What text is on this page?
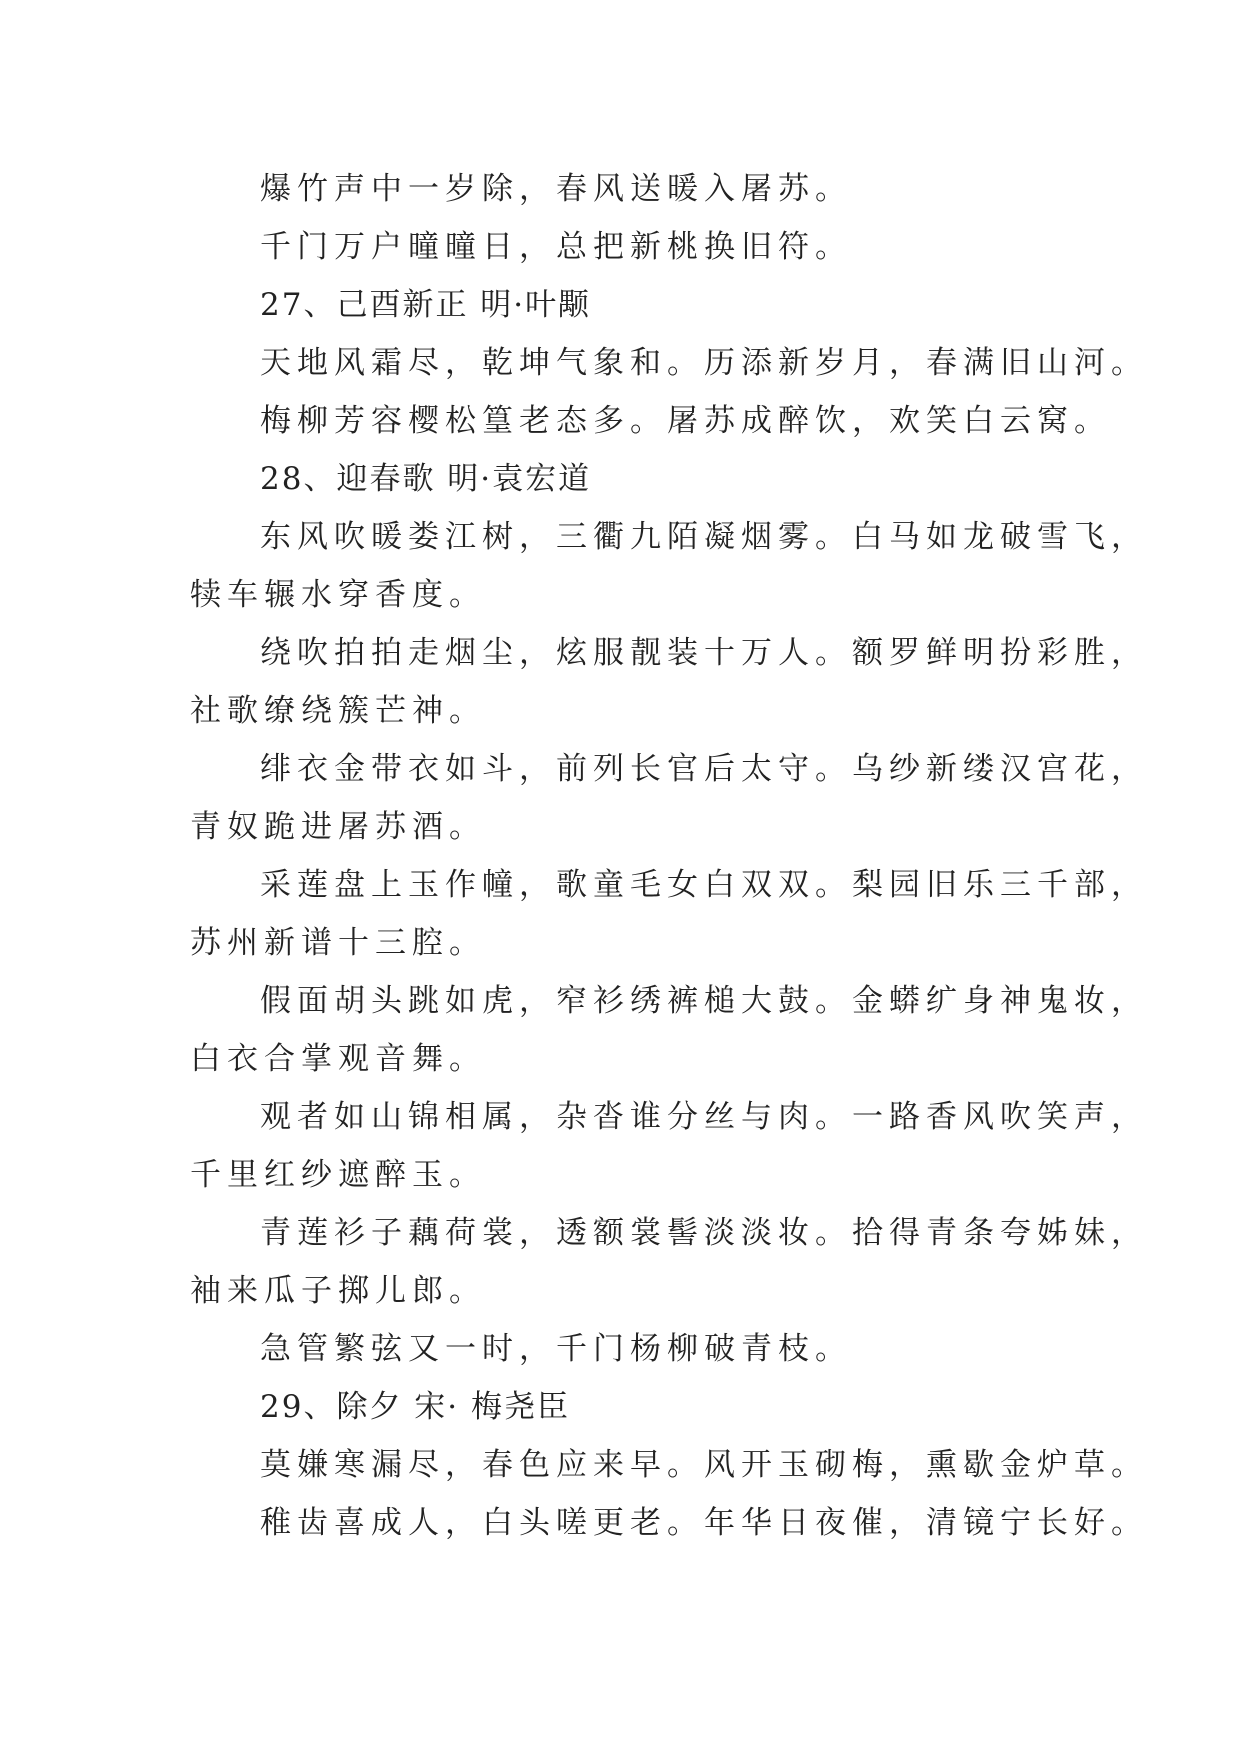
爆竹声中一岁除，春风送暖入屠苏。

千门万户曈曈日，总把新桃换旧符。

27、己酉新正 明·叶颙

天地风霜尽，乾坤气象和。历添新岁月，春满旧山河。

梅柳芳容樱松篁老态多。屠苏成醉饮，欢笑白云窝。

28、迎春歌 明·袁宏道

东风吹暖娄江树，三衢九陌凝烟雾。白马如龙破雪飞，

犊车辗水穿香度。

绕吹拍拍走烟尘，炫服靓装十万人。额罗鲜明扮彩胜，

社歌缭绕簇芒神。

绯衣金带衣如斗，前列长官后太守。乌纱新缕汉宫花，

青奴跪进屠苏酒。

采莲盘上玉作幢，歌童毛女白双双。梨园旧乐三千部，

苏州新谱十三腔。

假面胡头跳如虎，窄衫绣裤槌大鼓。金蟒纩身神鬼妆，

白衣合掌观音舞。

观者如山锦相属，杂沓谁分丝与肉。一路香风吹笑声，

千里红纱遮醉玉。

青莲衫子藕荷裳，透额裳髻淡淡妆。拾得青条夸姊妹，

袖来瓜子掷儿郎。

急管繁弦又一时，千门杨柳破青枝。

29、除夕 宋· 梅尧臣

莫嫌寒漏尽，春色应来早。风开玉砌梅，熏歇金炉草。

稚齿喜成人，白头嗟更老。年华日夜催，清镜宁长好。
